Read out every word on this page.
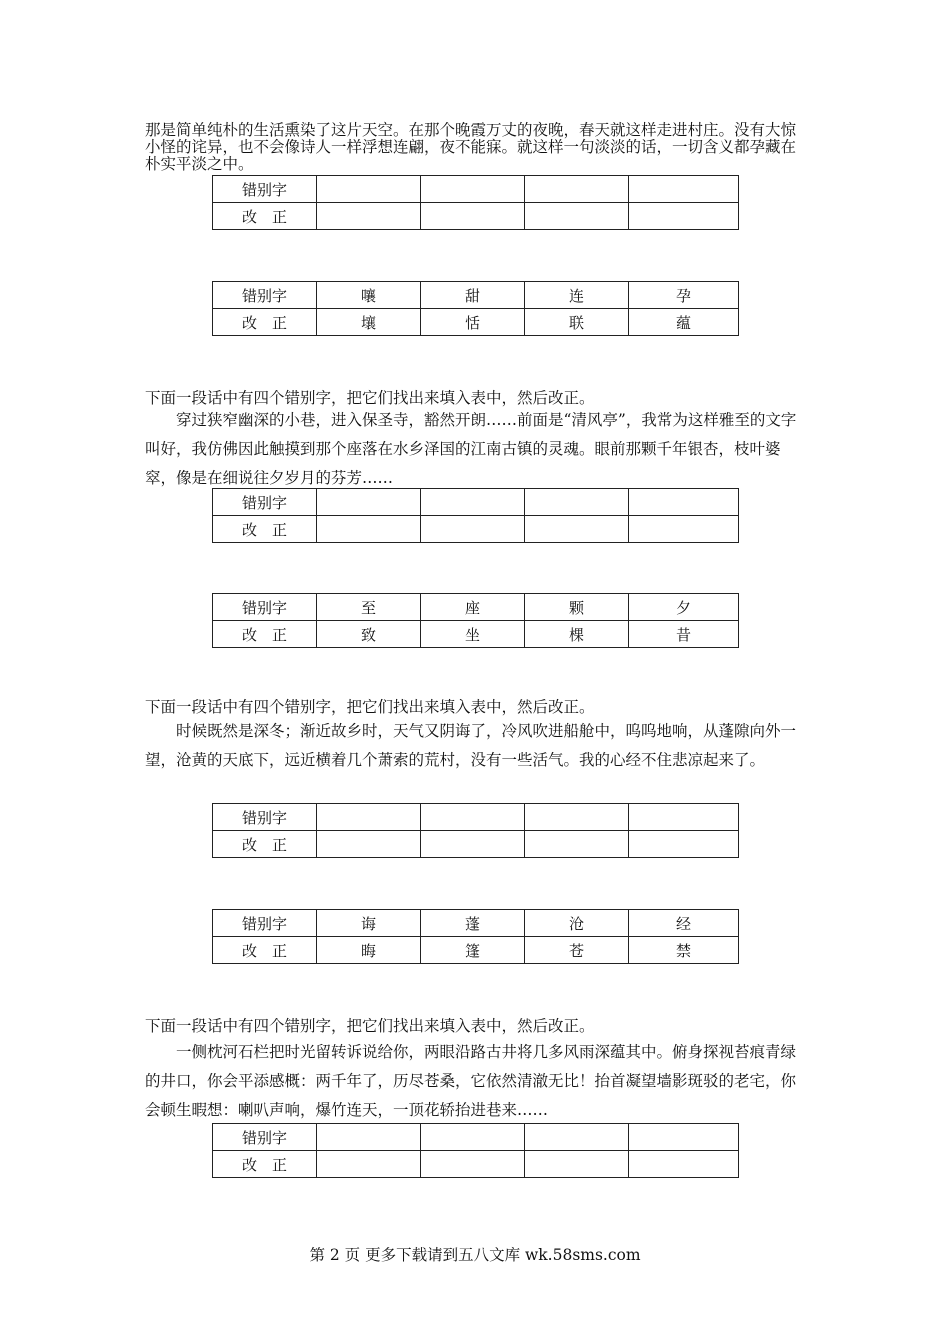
那是简单纯朴的生活熏染了这片天空。在那个晚霞万丈的夜晚，春天就这样走进村庄。没有大惊小怪的诧异，也不会像诗人一样浮想连翩，夜不能寐。就这样一句淡淡的话，一切含义都孕藏在朴实平淡之中。

错别字				
改　正				
错别字	嚷	甜	连	孕
改　正	壤	恬	联	蕴

下面一段话中有四个错别字，把它们找出来填入表中，然后改正。

穿过狭窄幽深的小巷，进入保圣寺，豁然开朗……前面是“清风亭”，我常为这样雅至的文字叫好，我仿佛因此触摸到那个座落在水乡泽国的江南古镇的灵魂。眼前那颗千年银杏，枝叶婆窣，像是在细说往夕岁月的芬芳……

错别字				
改　正				
错别字	至	座	颗	夕
改　正	致	坐	棵	昔

下面一段话中有四个错别字，把它们找出来填入表中，然后改正。

时候既然是深冬；渐近故乡时，天气又阴诲了，冷风吹进船舱中，呜呜地响，从蓬隙向外一望，沧黄的天底下，远近横着几个萧索的荒村，没有一些活气。我的心经不住悲凉起来了。

错别字				
改　正				
错别字	诲	蓬	沧	经
改　正	晦	篷	苍	禁

下面一段话中有四个错别字，把它们找出来填入表中，然后改正。

一侧枕河石栏把时光留转诉说给你，两眼沿路古井将几多风雨深蕴其中。俯身探视苔痕青绿的井口，你会平添感概：两千年了，历尽苍桑，它依然清澈无比！抬首凝望墙影斑驳的老宅，你会顿生暇想：喇叭声响，爆竹连天，一顶花轿抬进巷来……

错别字				
改　正				
第 2 页 更多下载请到五八文库 wk.58sms.com
